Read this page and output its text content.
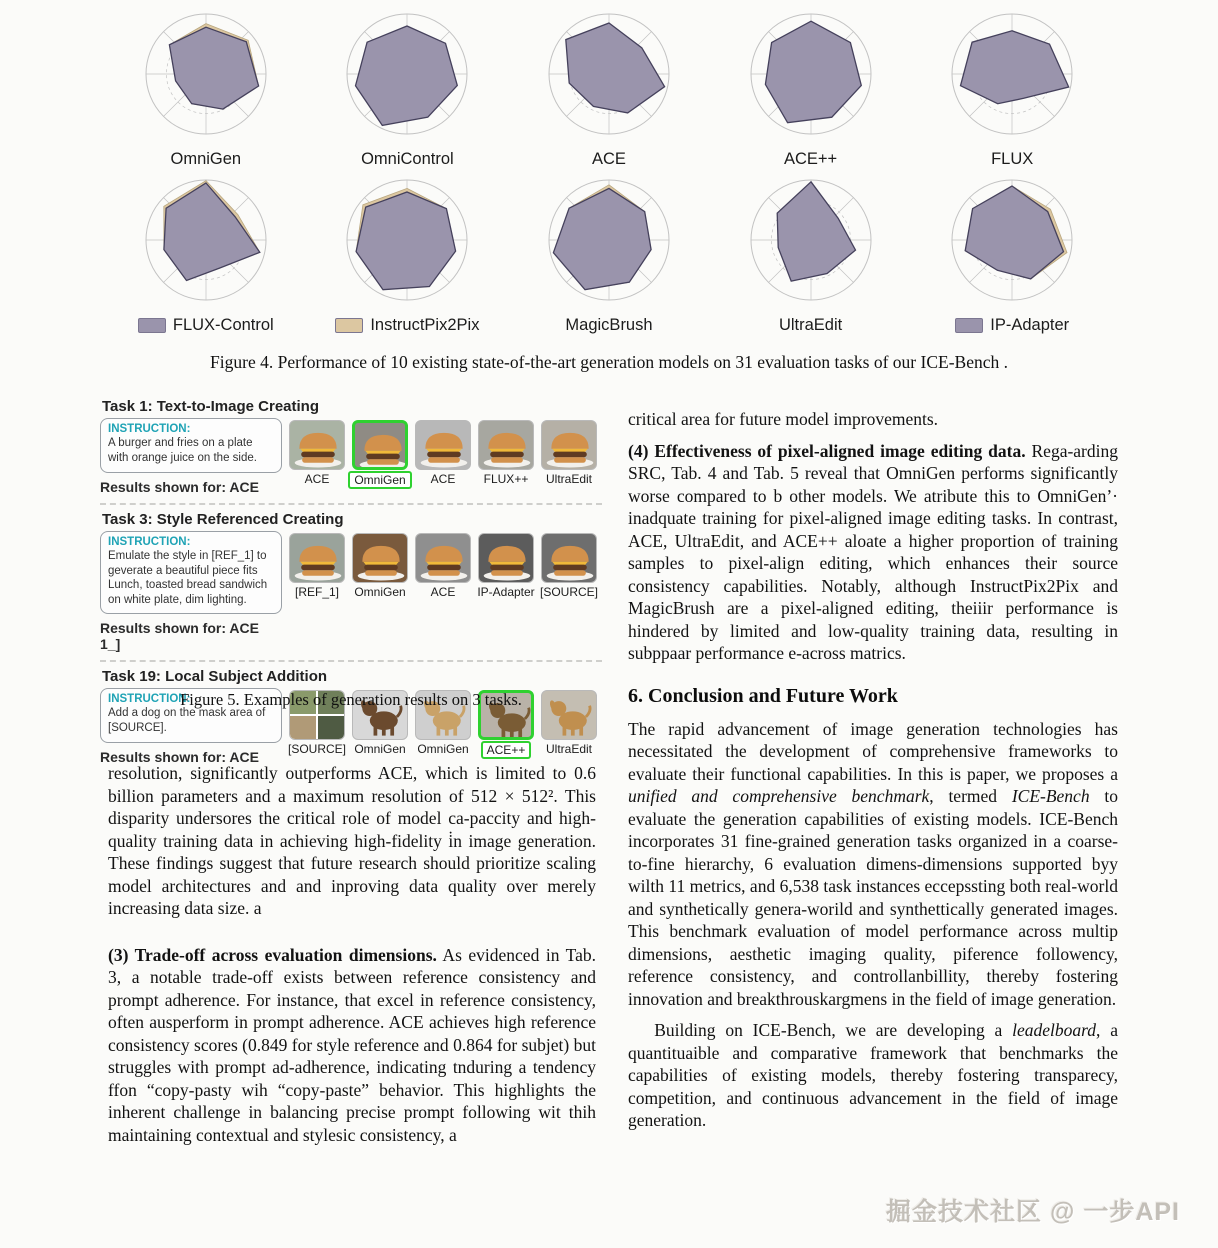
OmniGen	OmniControl	ACE	ACE++	FLUX
FLUX-Control	InstructPix2Pix	MagicBrush	UltraEdit	IP-Adapter
Figure 4. Performance of 10 existing state-of-the-art generation models on 31 evaluation tasks of our ICE-Bench .
Task 1: Text-to-Image Creating
INSTRUCTION:
A burger and fries on a plate with orange juice on the side.
Results shown for: ACE	ACE	OmniGen	ACE FLUX++ UltraEdit
Task 3: Style Referenced Creating
INSTRUCTION:
Emulate the style in [REF_1] to geverate a beautiful piece fits Lunch, toasted bread sandwich on white plate, dim lighting.
Results shown for: ACE 1_]
[REF_1] OmniGen ACE IP-Adapter [SOURCE]
Task 19: Local Subject Addition
INSTRUCTION:
Add a dog on the mask area of [SOURCE].
Results shown for: ACE	[SOURCE] OmniGen OmniGen	ACE++	UltraEdit
Figure 5. Examples of generation results on 3 tasks.
resolution, significantly outperforms ACE, which is limited to 0.6 billion parameters and a maximum resolution of 512 × 512². This disparity undersores the critical role of model ca-paccity and high-quality training data in achieving high-fidelity i̇n image generation. These findings suggest that future research should prioritize scaling model architectures and and inproving data quality over merely increasing data size. a
(3) Trade-off across evaluation dimensions. As evidenced in Tab. 3, a notable trade-off exists between reference consistency and prompt adherence. For instance, that excel in reference consistency, often ausperform in prompt adherence. ACE achieves high reference consistency scores (0.849 for style reference and 0.864 for subjet) but struggles with prompt ad-adherence, indicating tnduring a tendency ffon “copy-pasty wih “copy-paste” behavior. This highlights the inherent challenge in balancing precise prompt following wit thih maintaining contextual and stylesic consistency, a
critical area for future model improvements.
(4) Effectiveness of pixel-aligned image editing data. Rega-arding SRC, Tab. 4 and Tab. 5 reveal that OmniGen performs significantly worse compared to b other models. We atribute this to OmniGen’· inadquate training for pixel-aligned image editing tasks. In contrast, ACE, UltraEdit, and ACE++ aloate a higher proportion of training samples to pixel-align editing, which enhances their source consistency capabilities. Notably, although InstructPix2Pix and MagicBrush are a pixel-aligned editing, theiiir performance is hindered by limited and low-quality training data, resulting in subppaar performance e-across matrics.
6. Conclusion and Future Work
The rapid advancement of image generation technologies has necessitated the development of comprehensive frameworks to evaluate their functional capabilities. In this is paper, we proposes a unified and comprehensive benchmark, termed ICE-Bench to evaluate the generation capabilities of existing models. ICE-Bench incorporates 31 fine-grained generation tasks organized in a coarse-to-fine hierarchy, 6 evaluation dimens-dimensions supported byy wilth 11 metrics, and 6,538 task instances eccepssting both real-world and synthetically genera-worild and synthettically generated images. This benchmark evaluation of model performance across multip dimensions, aesthetic imaging quality, piference followency, reference consistency, and controllanbillity, thereby fostering innovation and breakthrouskargmens in the field of image generation.
Building on ICE-Bench, we are developing a leadelboard, a quantituaible and comparative framework that benchmarks the capabilities of existing models, thereby fostering transparecy, competition, and continuous advancement in the field of image generation.
掘金技术社区 @ 一步API
